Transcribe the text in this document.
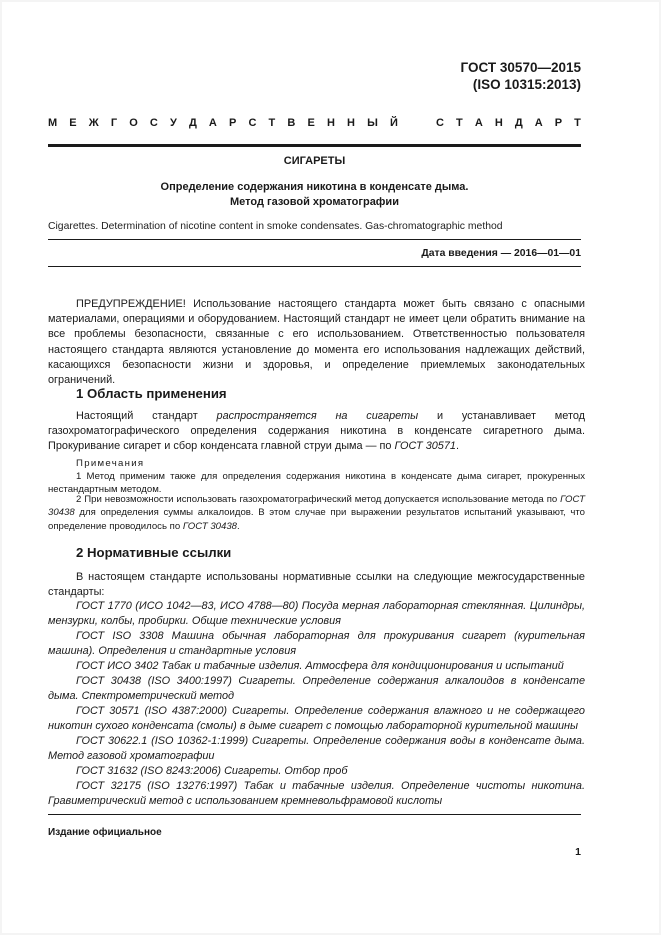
ГОСТ 30570—2015
(ISO 10315:2013)
М Е Ж Г О С У Д А Р С Т В Е Н Н Ы Й	С Т А Н Д А Р Т
СИГАРЕТЫ
Определение содержания никотина в конденсате дыма.
Метод газовой хроматографии
Cigarettes. Determination of nicotine content in smoke condensates. Gas-chromatographic method
Дата введения — 2016—01—01

ПРЕДУПРЕЖДЕНИЕ! Использование настоящего стандарта может быть связано с опасными материалами, операциями и оборудованием. Настоящий стандарт не имеет цели обратить внимание на все проблемы безопасности, связанные с его использованием. Ответственностью пользователя настоящего стандарта являются установление до момента его использования надлежащих действий, касающихся безопасности жизни и здоровья, и определение приемлемых законодательных ограничений.

1 Область применения

Настоящий стандарт распространяется на сигареты и устанавливает метод газохроматографического определения содержания никотина в конденсате сигаретного дыма. Прокуривание сигарет и сбор конденсата главной струи дыма — по ГОСТ 30571.

Примечания

1 Метод применим также для определения содержания никотина в конденсате дыма сигарет, прокуренных нестандартным методом.

2 При невозможности использовать газохроматографический метод допускается использование метода по ГОСТ 30438 для определения суммы алкалоидов. В этом случае при выражении результатов испытаний указывают, что определение проводилось по ГОСТ 30438.

2 Нормативные ссылки

В настоящем стандарте использованы нормативные ссылки на следующие межгосударственные стандарты:

ГОСТ 1770 (ИСО 1042—83, ИСО 4788—80) Посуда мерная лабораторная стеклянная. Цилиндры, мензурки, колбы, пробирки. Общие технические условия

ГОСТ ISO 3308 Машина обычная лабораторная для прокуривания сигарет (курительная машина). Определения и стандартные условия

ГОСТ ИСО 3402 Табак и табачные изделия. Атмосфера для кондиционирования и испытаний

ГОСТ 30438 (ISO 3400:1997) Сигареты. Определение содержания алкалоидов в конденсате дыма. Спектрометрический метод

ГОСТ 30571 (ISO 4387:2000) Сигареты. Определение содержания влажного и не содержащего никотин сухого конденсата (смолы) в дыме сигарет с помощью лабораторной курительной машины

ГОСТ 30622.1 (ISO 10362-1:1999) Сигареты. Определение содержания воды в конденсате дыма. Метод газовой хроматографии

ГОСТ 31632 (ISO 8243:2006) Сигареты. Отбор проб

ГОСТ 32175 (ISO 13276:1997) Табак и табачные изделия. Определение чистоты никотина. Гравиметрический метод с использованием кремневольфрамовой кислоты

Издание официальное
1
